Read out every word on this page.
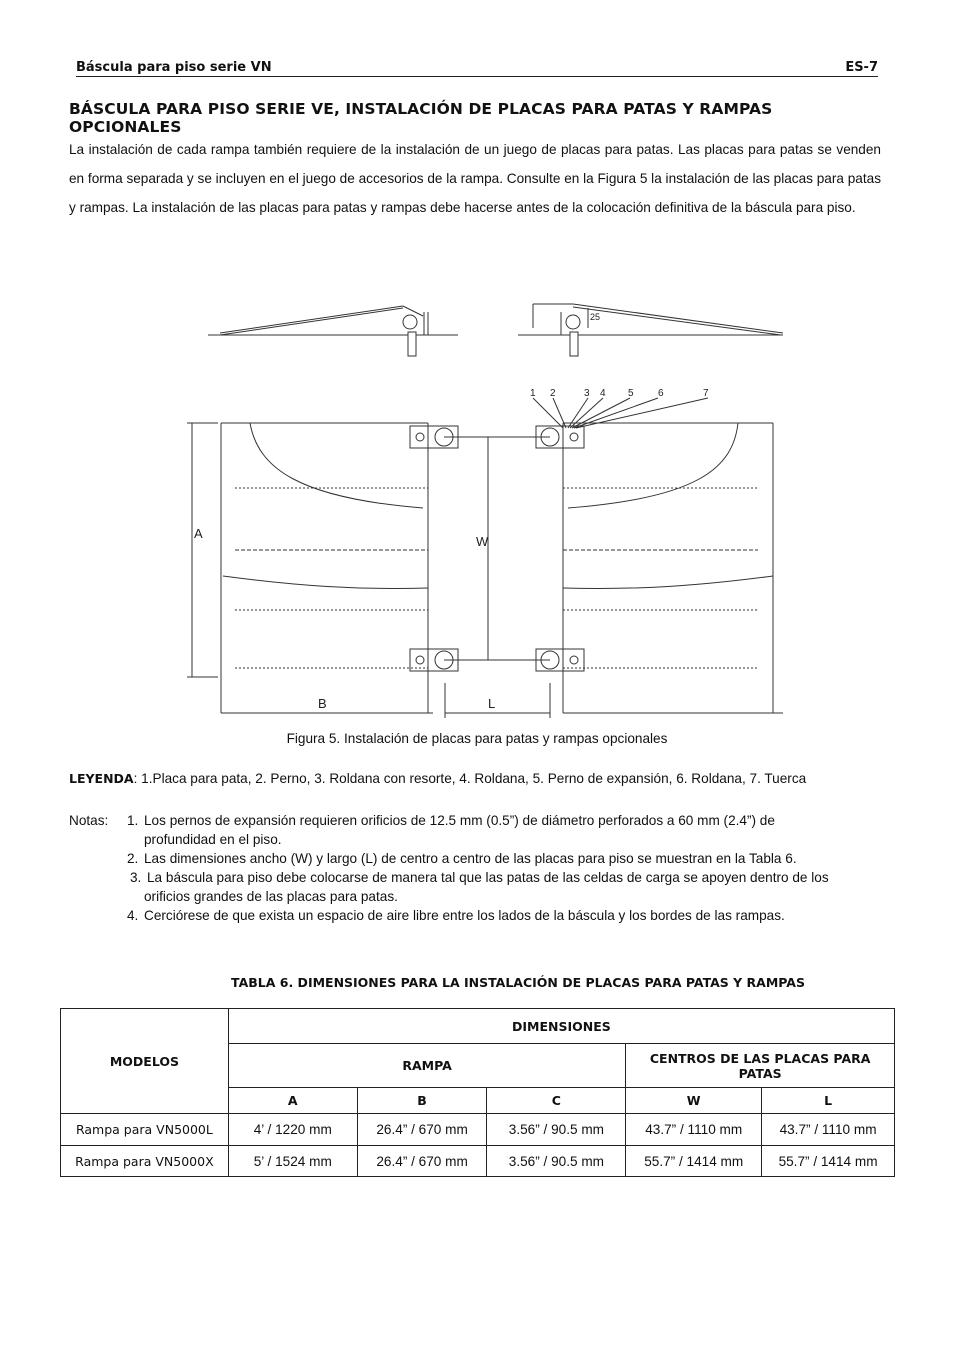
Báscula para piso serie VN	ES-7
BÁSCULA PARA PISO SERIE VE, INSTALACIÓN DE PLACAS PARA PATAS Y RAMPAS OPCIONALES
La instalación de cada rampa también requiere de la instalación de un juego de placas para patas. Las placas para patas se venden en forma separada y se incluyen en el juego de accesorios de la rampa. Consulte en la Figura 5 la instalación de las placas para patas y rampas. La instalación de las placas para patas y rampas debe hacerse antes de la colocación definitiva de la báscula para piso.
A
B
W
L
25
1 2	3 4 5 6	7
Figura 5. Instalación de placas para patas y rampas opcionales
LEYENDA: 1.Placa para pata, 2. Perno, 3. Roldana con resorte, 4. Roldana, 5. Perno de expansión, 6. Roldana, 7. Tuerca
Notas: 1. Los pernos de expansión requieren orificios de 12.5 mm (0.5”) de diámetro perforados a 60 mm (2.4”) de
profundidad en el piso.
2. Las dimensiones ancho (W) y largo (L) de centro a centro de las placas para piso se muestran en la Tabla 6.
3. La báscula para piso debe colocarse de manera tal que las patas de las celdas de carga se apoyen dentro de los
orificios grandes de las placas para patas.
4. Cerciórese de que exista un espacio de aire libre entre los lados de la báscula y los bordes de las rampas.
TABLA 6. DIMENSIONES PARA LA INSTALACIÓN DE PLACAS PARA PATAS Y RAMPAS
MODELOS	DIMENSIONES				
	RAMPA			CENTROS DE LAS PLACAS PARA PATAS	
	A	B	C	W	L
Rampa para VN5000L	4’ / 1220 mm	26.4” / 670 mm	3.56” / 90.5 mm	43.7” / 1110 mm	43.7” / 1110 mm
Rampa para VN5000X	5’ / 1524 mm	26.4” / 670 mm	3.56” / 90.5 mm	55.7” / 1414 mm	55.7” / 1414 mm
